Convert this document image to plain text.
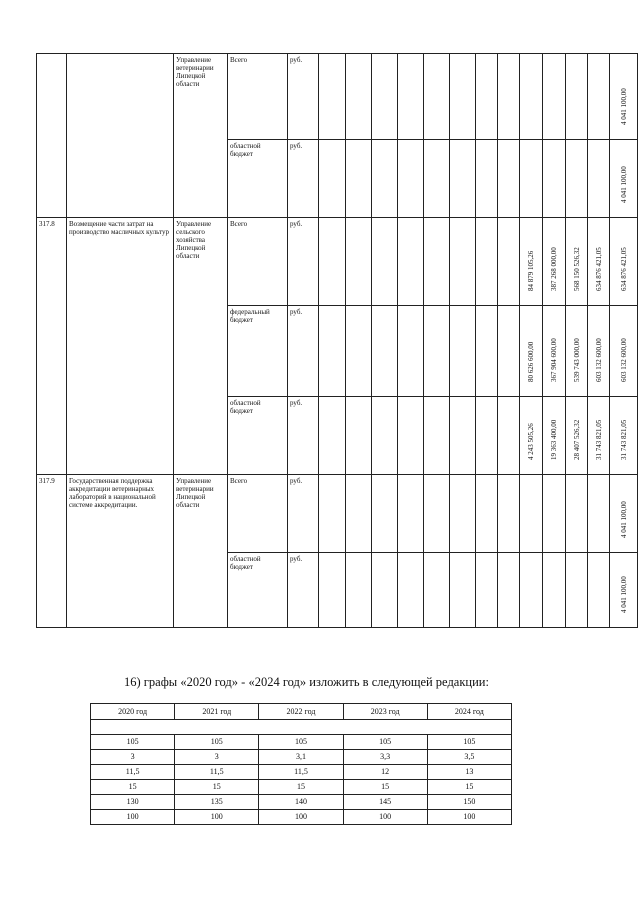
		Управление ветеринарии Липецкой области	Всего	руб.													4 041 100,00	

			областной бюджет	руб.													4 041 100,00	

317.8	Возмещение части затрат на производство масличных культур	Управление сельского хозяйства Липецкой области	Всего	руб.									84 879 105,26	387 268 000,00	568 150 526,32	634 876 421,05	634 876 421,05	

			федеральный бюджет	руб.									80 626 600,00	367 904 600,00	539 743 000,00	603 132 600,00	603 132 600,00	

			областной бюджет	руб.									4 243 505,26	19 363 400,00	28 407 526,32	31 743 821,05	31 743 821,05	

317.9	Государственная поддержка аккредитации ветеринарных лабораторий в национальной системе аккредитации.	Управление ветеринарии Липецкой области	Всего	руб.													4 041 100,00	

			областной бюджет	руб.													4 041 100,00	

16) графы «2020 год» - «2024 год» изложить в следующей редакции:
2020 год	2021 год	2022 год	2023 год	2024 год

105	105	105	105	105
3	3	3,1	3,3	3,5
11,5	11,5	11,5	12	13
15	15	15	15	15
130	135	140	145	150
100	100	100	100	100
